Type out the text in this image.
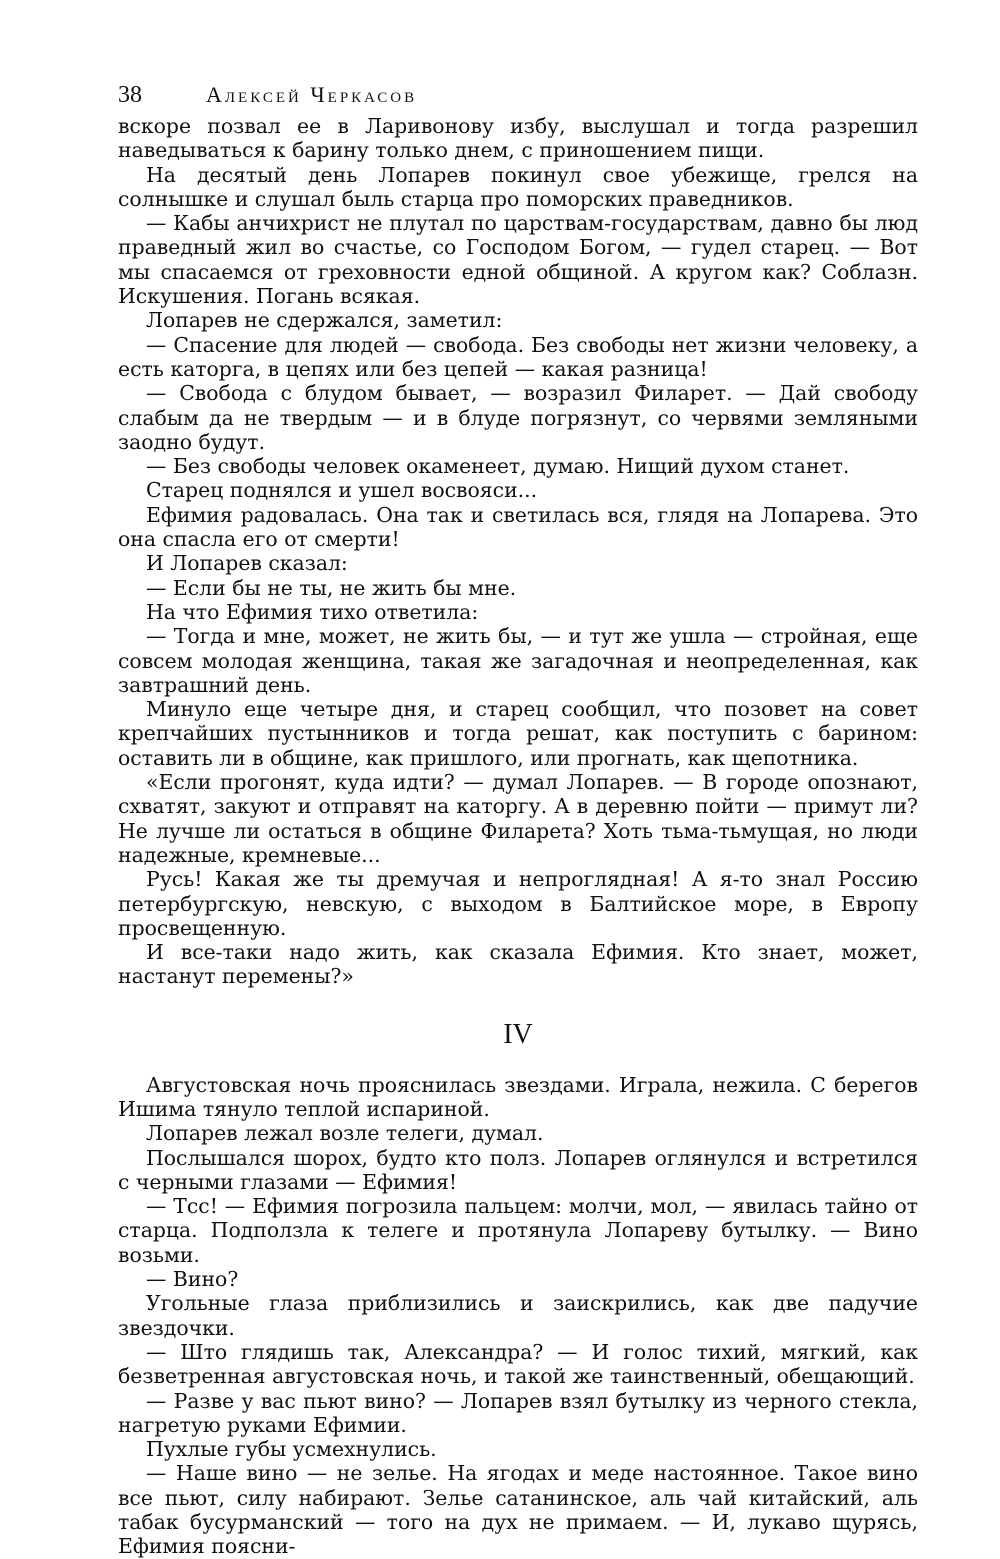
38	Алексей Черкасов

вскоре позвал ее в Ларивонову избу, выслушал и тогда разрешил наведываться к барину только днем, с приношением пищи.

На десятый день Лопарев покинул свое убежище, грелся на солнышке и слушал быль старца про поморских праведников.

— Кабы анчихрист не плутал по царствам-государствам, давно бы люд праведный жил во счастье, со Господом Богом, — гудел старец. — Вот мы спасаемся от греховности едной общиной. А кругом как? Соблазн. Искушения. Погань всякая.

Лопарев не сдержался, заметил:

— Спасение для людей — свобода. Без свободы нет жизни человеку, а есть каторга, в цепях или без цепей — какая разница!

— Свобода с блудом бывает, — возразил Филарет. — Дай свободу слабым да не твердым — и в блуде погрязнут, со червями земляными заодно будут.

— Без свободы человек окаменеет, думаю. Нищий духом станет.

Старец поднялся и ушел восвояси...

Ефимия радовалась. Она так и светилась вся, глядя на Лопарева. Это она спасла его от смерти!

И Лопарев сказал:

— Если бы не ты, не жить бы мне.

На что Ефимия тихо ответила:

— Тогда и мне, может, не жить бы, — и тут же ушла — стройная, еще совсем молодая женщина, такая же загадочная и неопределенная, как завтрашний день.

Минуло еще четыре дня, и старец сообщил, что позовет на совет крепчайших пустынников и тогда решат, как поступить с барином: оставить ли в общине, как пришлого, или прогнать, как щепотника.

«Если прогонят, куда идти? — думал Лопарев. — В городе опознают, схватят, закуют и отправят на каторгу. А в деревню пойти — примут ли? Не лучше ли остаться в общине Филарета? Хоть тьма-тьмущая, но люди надежные, кремневые...

Русь! Какая же ты дремучая и непроглядная! А я-то знал Россию петербургскую, невскую, с выходом в Балтийское море, в Европу просвещенную.

И все-таки надо жить, как сказала Ефимия. Кто знает, может, настанут перемены?»

IV

Августовская ночь прояснилась звездами. Играла, нежила. С берегов Ишима тянуло теплой испариной.

Лопарев лежал возле телеги, думал.

Послышался шорох, будто кто полз. Лопарев оглянулся и встретился с черными глазами — Ефимия!

— Тсс! — Ефимия погрозила пальцем: молчи, мол, — явилась тайно от старца. Подползла к телеге и протянула Лопареву бутылку. — Вино возьми.

— Вино?

Угольные глаза приблизились и заискрились, как две падучие звездочки.

— Што глядишь так, Александра? — И голос тихий, мягкий, как безветренная августовская ночь, и такой же таинственный, обещающий.

— Разве у вас пьют вино? — Лопарев взял бутылку из черного стекла, нагретую руками Ефимии.

Пухлые губы усмехнулись.

— Наше вино — не зелье. На ягодах и меде настоянное. Такое вино все пьют, силу набирают. Зелье сатанинское, аль чай китайский, аль табак бусурманский — того на дух не примаем. — И, лукаво щурясь, Ефимия поясни-
